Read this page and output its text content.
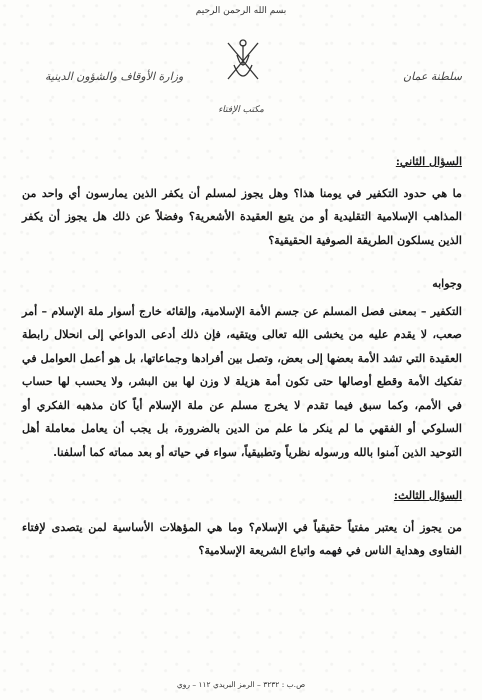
بسم الله الرحمن الرحيم
سلطنة عمان
وزارة الأوقاف والشؤون الدينية
مكتب الإفتاء

السؤال الثاني:

ما هي حدود التكفير في يومنا هذا؟ وهل يجوز لمسلم أن يكفر الذين يمارسون أي واحد من المذاهب الإسلامية التقليدية أو من يتبع العقيدة الأشعرية؟ وفضلاً عن ذلك هل يجوز أن يكفر الذين يسلكون الطريقة الصوفية الحقيقية؟

وجوابه

التكفير – بمعنى فصل المسلم عن جسم الأمة الإسلامية، وإلقائه خارج أسوار ملة الإسلام – أمر صعب، لا يقدم عليه من يخشى الله تعالى ويتقيه، فإن ذلك أدعى الدواعي إلى انحلال رابطة العقيدة التي تشد الأمة بعضها إلى بعض، وتصل بين أفرادها وجماعاتها، بل هو أعمل العوامل في تفكيك الأمة وقطع أوصالها حتى تكون أمة هزيلة لا وزن لها بين البشر، ولا يحسب لها حساب في الأمم، وكما سبق فيما تقدم لا يخرج مسلم عن ملة الإسلام أياً كان مذهبه الفكري أو السلوكي أو الفقهي ما لم ينكر ما علم من الدين بالضرورة، بل يجب أن يعامل معاملة أهل التوحيد الذين آمنوا بالله ورسوله نظرياً وتطبيقياً، سواء في حياته أو بعد مماته كما أسلفنا.

السؤال الثالث:

من يجوز أن يعتبر مفتياً حقيقياً في الإسلام؟ وما هي المؤهلات الأساسية لمن يتصدى لإفتاء الفتاوى وهداية الناس في فهمه واتباع الشريعة الإسلامية؟

ص.ب : ٣٢٣٢ – الرمز البريدي ١١٢ – روي
